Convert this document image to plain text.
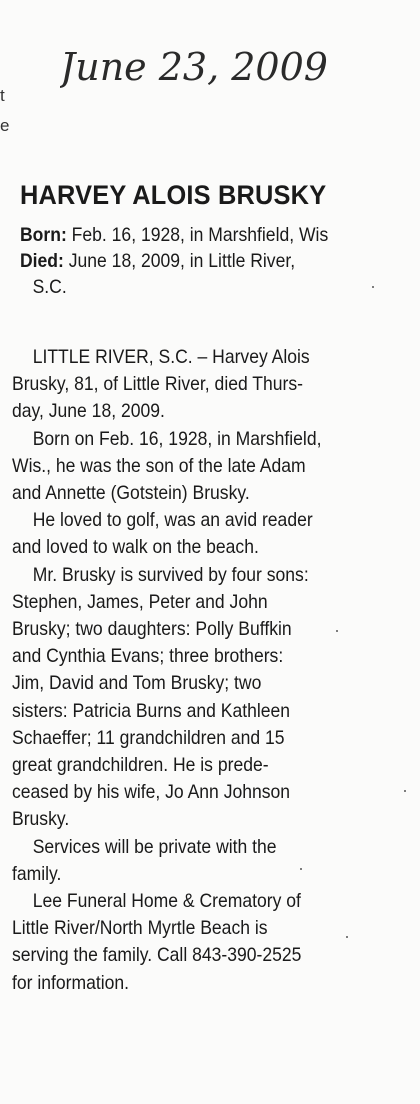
June 23, 2009
t
e
HARVEY ALOIS BRUSKY
Born: Feb. 16, 1928, in Marshfield, Wis
Died: June 18, 2009, in Little River,
S.C.
LITTLE RIVER, S.C. – Harvey Alois
Brusky, 81, of Little River, died Thurs-
day, June 18, 2009.
Born on Feb. 16, 1928, in Marshfield,
Wis., he was the son of the late Adam
and Annette (Gotstein) Brusky.
He loved to golf, was an avid reader
and loved to walk on the beach.
Mr. Brusky is survived by four sons:
Stephen, James, Peter and John
Brusky; two daughters: Polly Buffkin
and Cynthia Evans; three brothers:
Jim, David and Tom Brusky; two
sisters: Patricia Burns and Kathleen
Schaeffer; 11 grandchildren and 15
great grandchildren. He is prede-
ceased by his wife, Jo Ann Johnson
Brusky.
Services will be private with the
family.
Lee Funeral Home & Crematory of
Little River/North Myrtle Beach is
serving the family. Call 843-390-2525
for information.
